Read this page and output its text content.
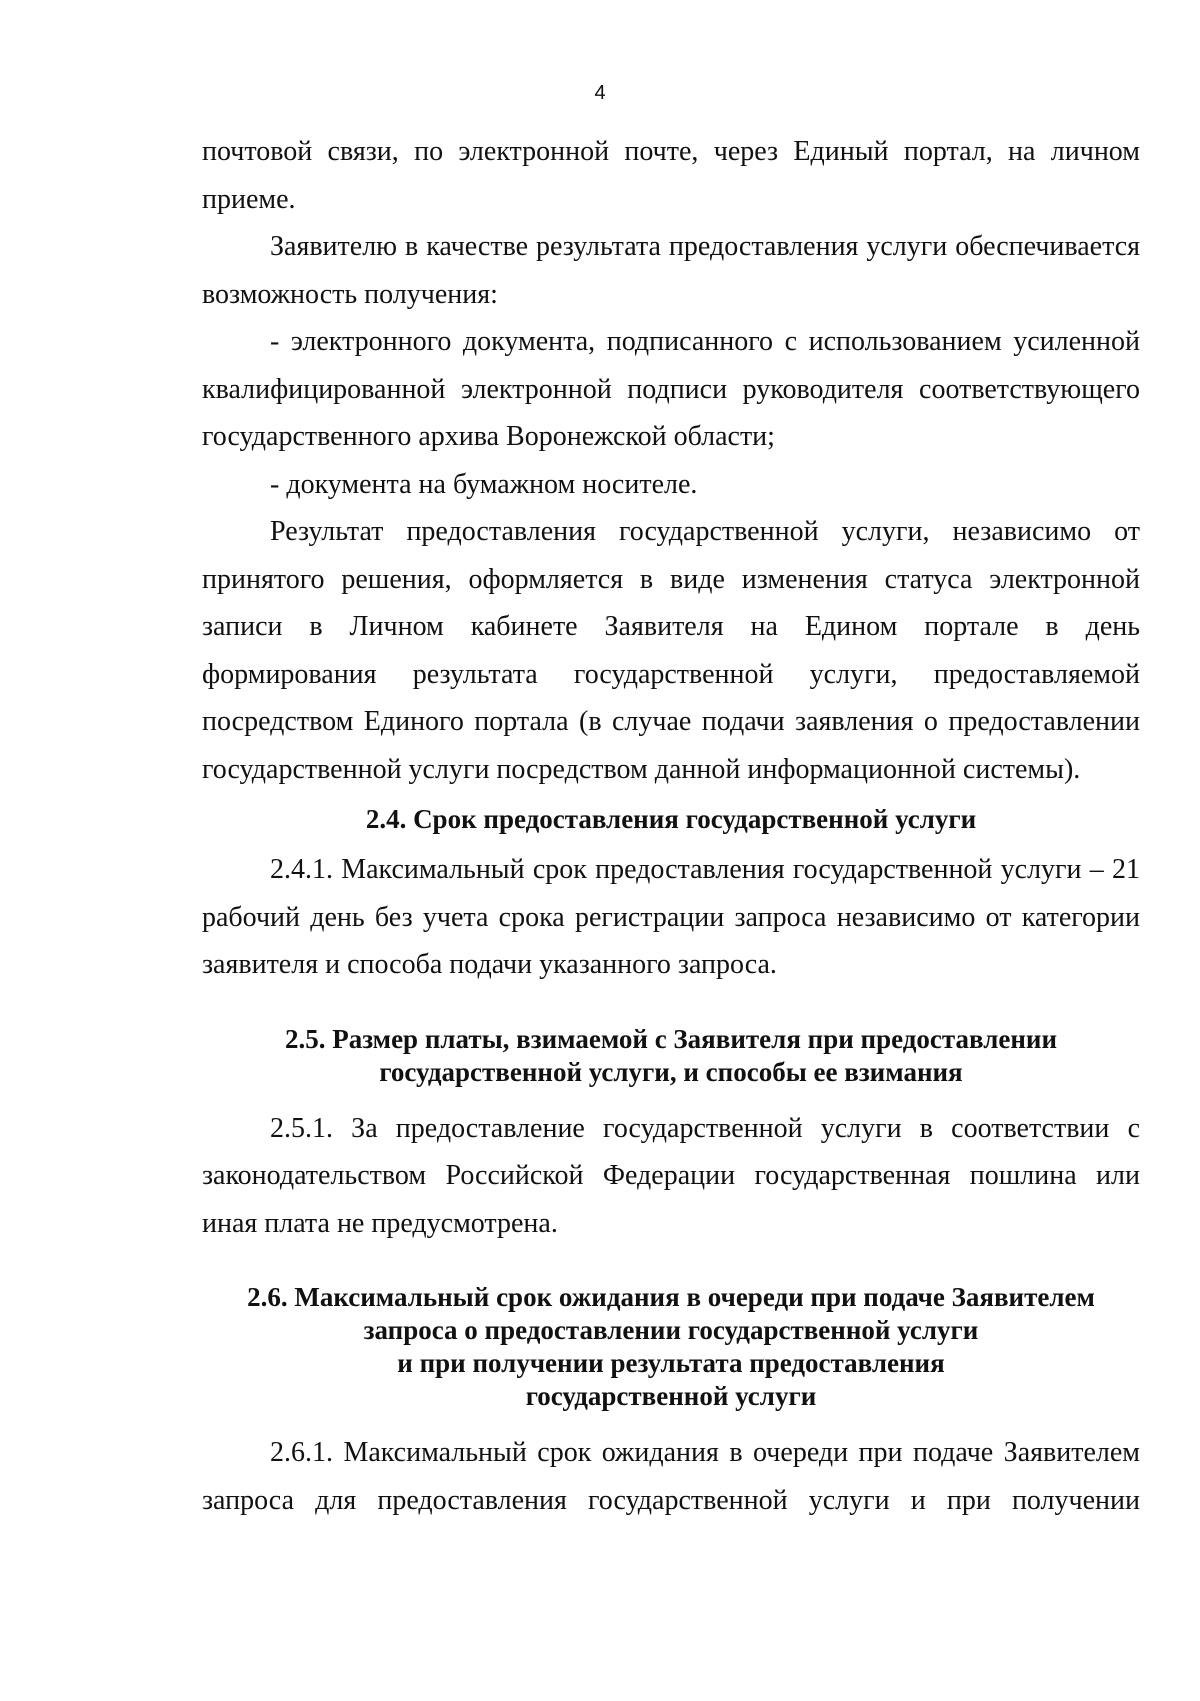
4

почтовой связи, по электронной почте, через Единый портал, на личном приеме.

Заявителю в качестве результата предоставления услуги обеспечивается возможность получения:

- электронного документа, подписанного с использованием усиленной квалифицированной электронной подписи руководителя соответствующего государственного архива Воронежской области;

- документа на бумажном носителе.

Результат предоставления государственной услуги, независимо от принятого решения, оформляется в виде изменения статуса электронной записи в Личном кабинете Заявителя на Едином портале в день формирования результата государственной услуги, предоставляемой посредством Единого портала (в случае подачи заявления о предоставлении государственной услуги посредством данной информационной системы).

2.4. Срок предоставления государственной услуги

2.4.1. Максимальный срок предоставления государственной услуги – 21 рабочий день без учета срока регистрации запроса независимо от категории заявителя и способа подачи указанного запроса.

2.5. Размер платы, взимаемой с Заявителя при предоставлении
государственной услуги, и способы ее взимания

2.5.1. За предоставление государственной услуги в соответствии с законодательством Российской Федерации государственная пошлина или иная плата не предусмотрена.

2.6. Максимальный срок ожидания в очереди при подаче Заявителем
запроса о предоставлении государственной услуги
и при получении результата предоставления
государственной услуги

2.6.1. Максимальный срок ожидания в очереди при подаче Заявителем запроса для предоставления государственной услуги и при получении
